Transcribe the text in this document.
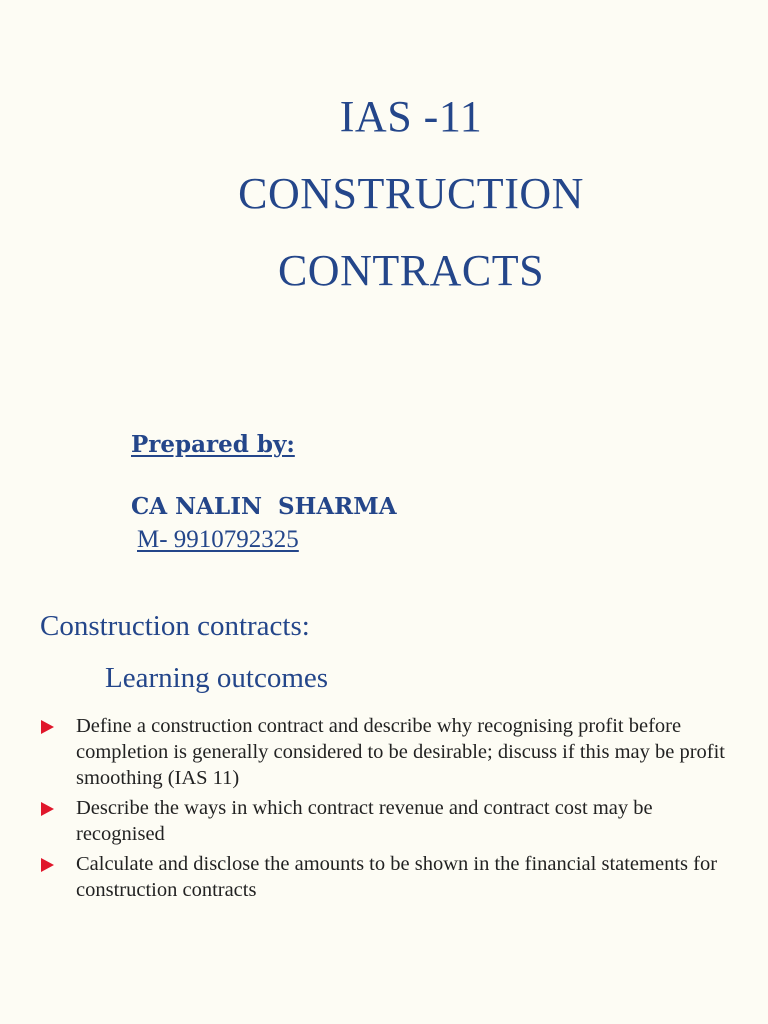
IAS -11
CONSTRUCTION
CONTRACTS
Prepared by:
CA NALIN  SHARMA
M- 9910792325
Construction contracts:
Learning outcomes
Define a construction contract and describe why recognising profit before completion is generally considered to be desirable; discuss if this may be profit smoothing (IAS 11)
Describe the ways in which contract revenue and contract cost may be recognised
Calculate and disclose the amounts to be shown in the financial statements for construction contracts
